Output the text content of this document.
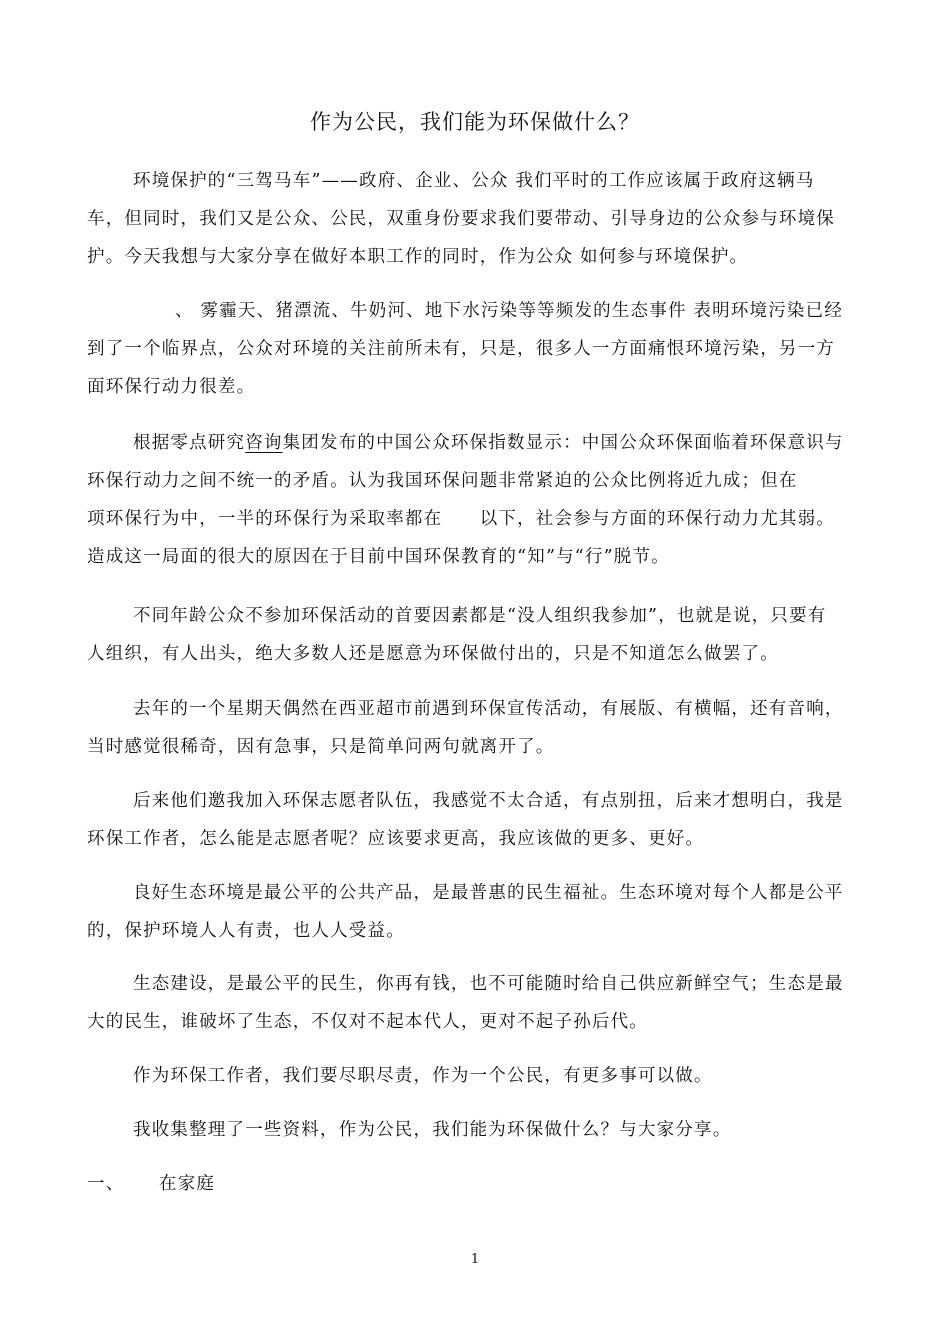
作为公民，我们能为环保做什么？
环境保护的“三驾马车”——政府、企业、公众 我们平时的工作应该属于政府这辆马
车，但同时，我们又是公众、公民，双重身份要求我们要带动、引导身边的公众参与环境保
护。今天我想与大家分享在做好本职工作的同时，作为公众 如何参与环境保护。
、 雾霾天、猪漂流、牛奶河、地下水污染等等频发的生态事件 表明环境污染已经
到了一个临界点，公众对环境的关注前所未有，只是，很多人一方面痛恨环境污染，另一方
面环保行动力很差。
根据零点研究咨询集团发布的中国公众环保指数显示：中国公众环保面临着环保意识与
环保行动力之间不统一的矛盾。认为我国环保问题非常紧迫的公众比例将近九成；但在
项环保行为中，一半的环保行为采取率都在　　以下，社会参与方面的环保行动力尤其弱。
造成这一局面的很大的原因在于目前中国环保教育的“知”与“行”脱节。
不同年龄公众不参加环保活动的首要因素都是“没人组织我参加”，也就是说，只要有
人组织，有人出头，绝大多数人还是愿意为环保做付出的，只是不知道怎么做罢了。
去年的一个星期天偶然在西亚超市前遇到环保宣传活动，有展版、有横幅，还有音响，
当时感觉很稀奇，因有急事，只是简单问两句就离开了。
后来他们邀我加入环保志愿者队伍，我感觉不太合适，有点别扭，后来才想明白，我是
环保工作者，怎么能是志愿者呢？应该要求更高，我应该做的更多、更好。
良好生态环境是最公平的公共产品，是最普惠的民生福祉。生态环境对每个人都是公平
的，保护环境人人有责，也人人受益。
生态建设，是最公平的民生，你再有钱，也不可能随时给自己供应新鲜空气；生态是最
大的民生，谁破坏了生态，不仅对不起本代人，更对不起子孙后代。
作为环保工作者，我们要尽职尽责，作为一个公民，有更多事可以做。
我收集整理了一些资料，作为公民，我们能为环保做什么？与大家分享。
一、 在家庭
1
